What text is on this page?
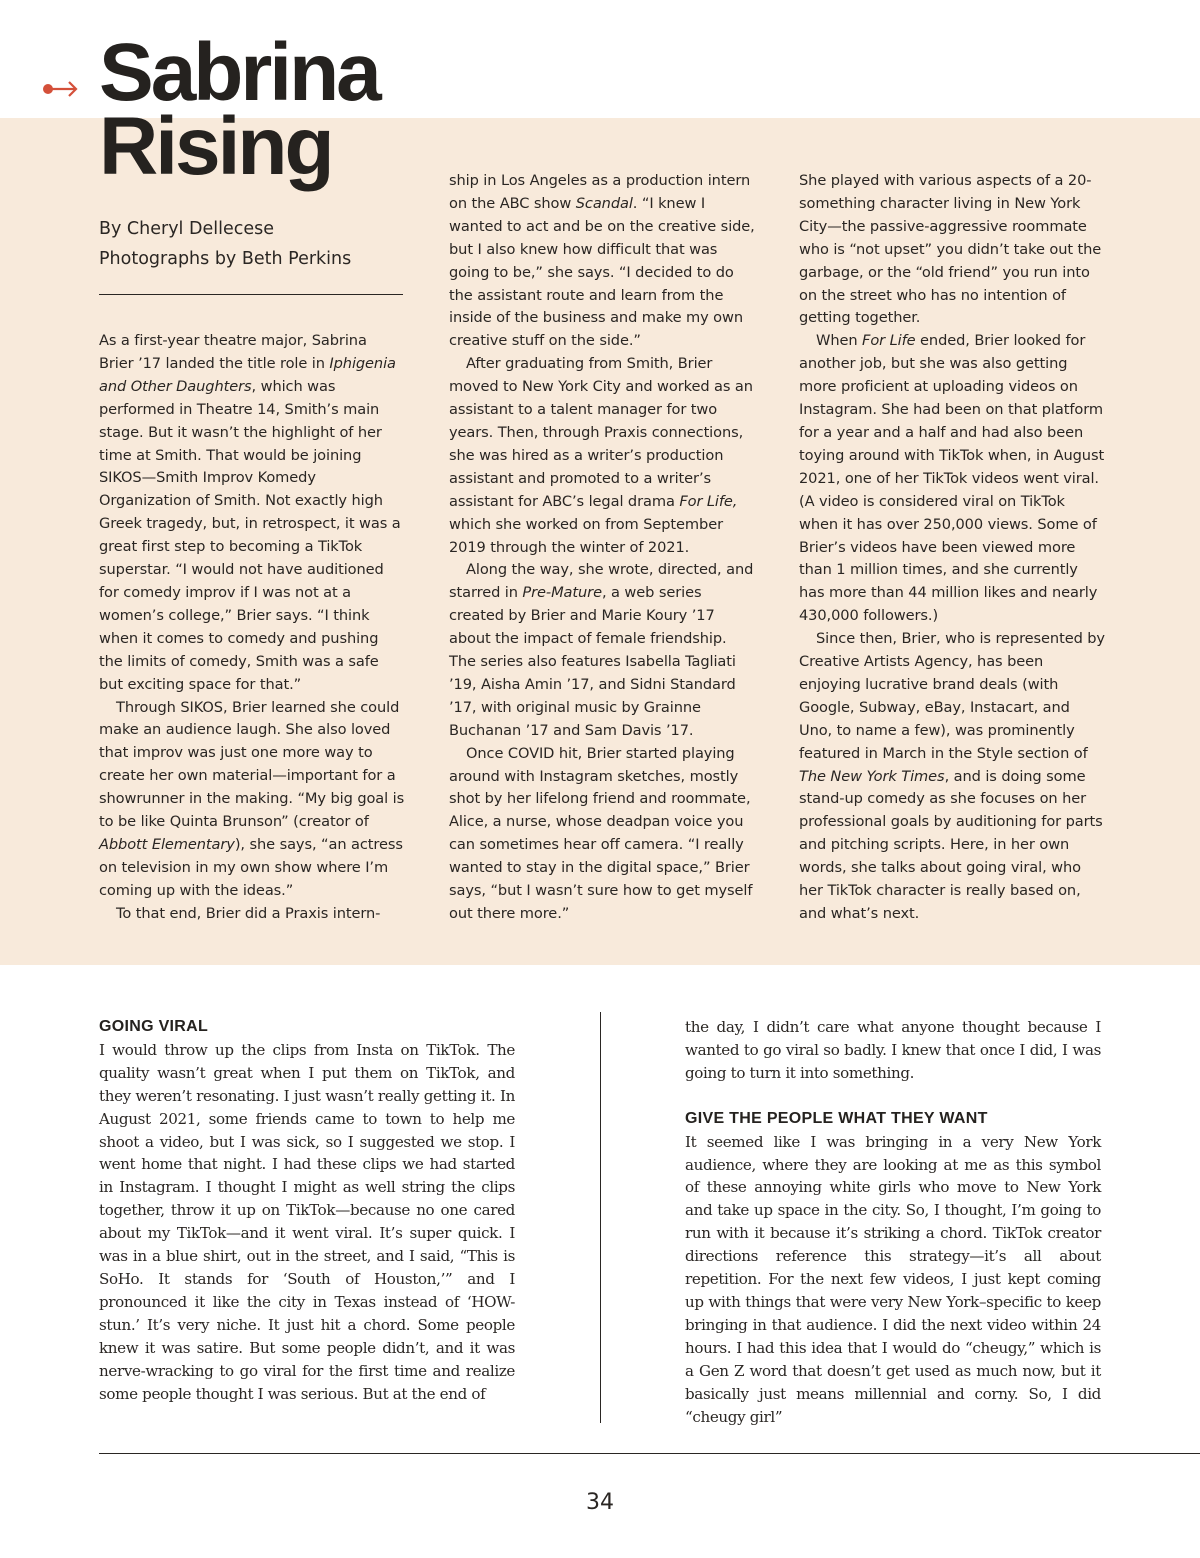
Sabrina
Rising
By Cheryl Dellecese
Photographs by Beth Perkins

As a first-year theatre major, Sabrina Brier ’17 landed the title role in Iphigenia and Other Daughters, which was performed in Theatre 14, Smith’s main stage. But it wasn’t the highlight of her time at Smith. That would be joining SIKOS—Smith Improv Komedy Organization of Smith. Not exactly high Greek tragedy, but, in retrospect, it was a great first step to becoming a TikTok superstar. “I would not have auditioned for comedy improv if I was not at a women’s college,” Brier says. “I think when it comes to comedy and pushing the limits of comedy, Smith was a safe but exciting space for that.”

Through SIKOS, Brier learned she could make an audience laugh. She also loved that improv was just one more way to create her own material—important for a showrunner in the making. “My big goal is to be like Quinta Brunson” (creator of Abbott Elementary), she says, “an actress on television in my own show where I’m coming up with the ideas.”

To that end, Brier did a Praxis intern-

ship in Los Angeles as a production intern on the ABC show Scandal. “I knew I wanted to act and be on the creative side, but I also knew how difficult that was going to be,” she says. “I decided to do the assistant route and learn from the inside of the business and make my own creative stuff on the side.”

After graduating from Smith, Brier moved to New York City and worked as an assistant to a talent manager for two years. Then, through Praxis connections, she was hired as a writer’s production assistant and promoted to a writer’s assistant for ABC’s legal drama For Life, which she worked on from September 2019 through the winter of 2021.

Along the way, she wrote, directed, and starred in Pre-Mature, a web series created by Brier and Marie Koury ’17 about the impact of female friendship. The series also features Isabella Tagliati ’19, Aisha Amin ’17, and Sidni Standard ’17, with original music by Grainne Buchanan ’17 and Sam Davis ’17.

Once COVID hit, Brier started playing around with Instagram sketches, mostly shot by her lifelong friend and roommate, Alice, a nurse, whose deadpan voice you can sometimes hear off camera. “I really wanted to stay in the digital space,” Brier says, “but I wasn’t sure how to get myself out there more.”

She played with various aspects of a 20-something character living in New York City—the passive-aggressive roommate who is “not upset” you didn’t take out the garbage, or the “old friend” you run into on the street who has no intention of getting together.

When For Life ended, Brier looked for another job, but she was also getting more proficient at uploading videos on Instagram. She had been on that platform for a year and a half and had also been toying around with TikTok when, in August 2021, one of her TikTok videos went viral. (A video is considered viral on TikTok when it has over 250,000 views. Some of Brier’s videos have been viewed more than 1 million times, and she currently has more than 44 million likes and nearly 430,000 followers.)

Since then, Brier, who is represented by Creative Artists Agency, has been enjoying lucrative brand deals (with Google, Subway, eBay, Instacart, and Uno, to name a few), was prominently featured in March in the Style section of The New York Times, and is doing some stand-up comedy as she focuses on her professional goals by auditioning for parts and pitching scripts. Here, in her own words, she talks about going viral, who her TikTok character is really based on, and what’s next.

GOING VIRAL

I would throw up the clips from Insta on TikTok. The quality wasn’t great when I put them on TikTok, and they weren’t resonating. I just wasn’t really getting it. In August 2021, some friends came to town to help me shoot a video, but I was sick, so I suggested we stop. I went home that night. I had these clips we had started in Instagram. I thought I might as well string the clips together, throw it up on TikTok—because no one cared about my TikTok—and it went viral. It’s super quick. I was in a blue shirt, out in the street, and I said, “This is SoHo. It stands for ‘South of Houston,’” and I pronounced it like the city in Texas instead of ‘HOW-stun.’ It’s very niche. It just hit a chord. Some people knew it was satire. But some people didn’t, and it was nerve-wracking to go viral for the first time and realize some people thought I was serious. But at the end of

the day, I didn’t care what anyone thought because I wanted to go viral so badly. I knew that once I did, I was going to turn it into something.

GIVE THE PEOPLE WHAT THEY WANT

It seemed like I was bringing in a very New York audience, where they are looking at me as this symbol of these annoying white girls who move to New York and take up space in the city. So, I thought, I’m going to run with it because it’s striking a chord. TikTok creator directions reference this strategy—it’s all about repetition. For the next few videos, I just kept coming up with things that were very New York–specific to keep bringing in that audience. I did the next video within 24 hours. I had this idea that I would do “cheugy,” which is a Gen Z word that doesn’t get used as much now, but it basically just means millennial and corny. So, I did “cheugy girl”

34
